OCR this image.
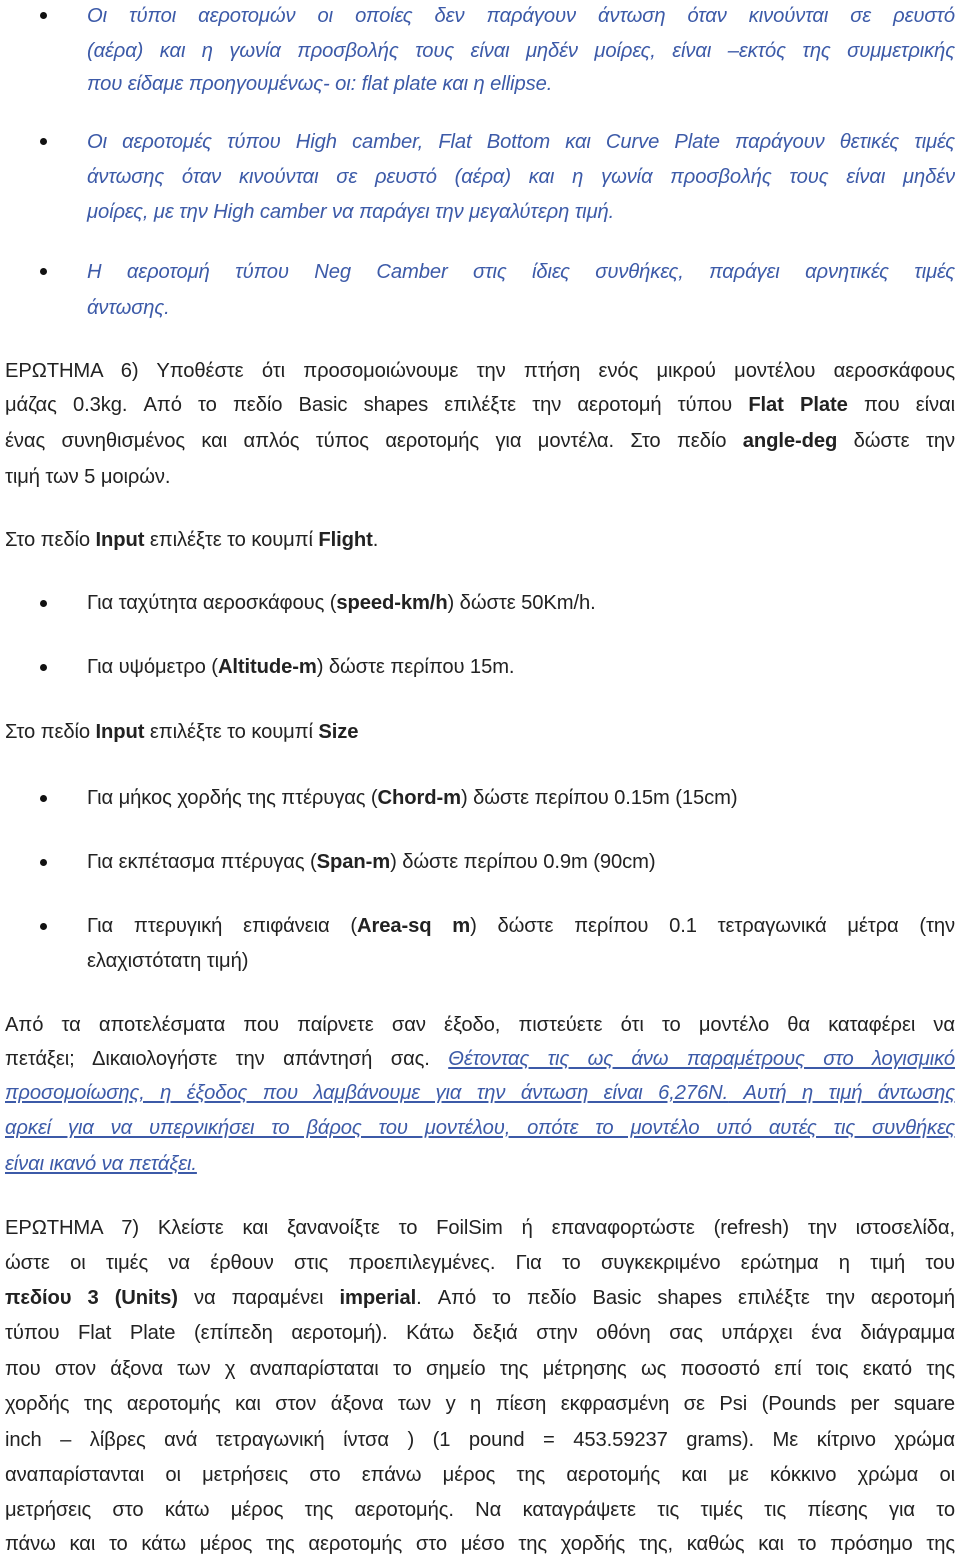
Οι τύποι αεροτομών οι οποίες δεν παράγουν άντωση όταν κινούνται σε ρευστό
(αέρα) και η γωνία προσβολής τους είναι μηδέν μοίρες, είναι –εκτός της συμμετρικής
που είδαμε προηγουμένως- οι: flat plate και η ellipse.
Οι αεροτομές τύπου High camber, Flat Bottom και Curve Plate παράγουν θετικές τιμές
άντωσης όταν κινούνται σε ρευστό (αέρα) και η γωνία προσβολής τους είναι μηδέν
μοίρες, με την High camber να παράγει την μεγαλύτερη τιμή.
Η αεροτομή τύπου Neg Camber στις ίδιες συνθήκες, παράγει αρνητικές τιμές
άντωσης.
ΕΡΩΤΗΜΑ 6) Υποθέστε ότι προσομοιώνουμε την πτήση ενός μικρού μοντέλου αεροσκάφους
μάζας 0.3kg. Από το πεδίο Basic shapes επιλέξτε την αεροτομή τύπου Flat Plate που είναι
ένας συνηθισμένος και απλός τύπος αεροτομής για μοντέλα. Στο πεδίο angle-deg δώστε την
τιμή των 5 μοιρών.
Στο πεδίο Input επιλέξτε το κουμπί Flight.
Για ταχύτητα αεροσκάφους (speed-km/h) δώστε 50Km/h.
Για υψόμετρο (Altitude-m) δώστε περίπου 15m.
Στο πεδίο Input επιλέξτε το κουμπί Size
Για μήκος χορδής της πτέρυγας (Chord-m) δώστε περίπου 0.15m (15cm)
Για εκπέτασμα πτέρυγας (Span-m) δώστε περίπου 0.9m (90cm)
Για πτερυγική επιφάνεια (Area-sq m) δώστε περίπου 0.1 τετραγωνικά μέτρα (την
ελαχιστότατη τιμή)
Από τα αποτελέσματα που παίρνετε σαν έξοδο, πιστεύετε ότι το μοντέλο θα καταφέρει να
πετάξει; Δικαιολογήστε την απάντησή σας. Θέτοντας τις ως άνω παραμέτρους στο λογισμικό
προσομοίωσης, η έξοδος που λαμβάνουμε για την άντωση είναι 6,276N. Αυτή η τιμή άντωσης
αρκεί για να υπερνικήσει το βάρος του μοντέλου, οπότε το μοντέλο υπό αυτές τις συνθήκες
είναι ικανό να πετάξει.
ΕΡΩΤΗΜΑ 7) Κλείστε και ξανανοίξτε το FoilSim ή επαναφορτώστε (refresh) την ιστοσελίδα,
ώστε οι τιμές να έρθουν στις προεπιλεγμένες. Για το συγκεκριμένο ερώτημα η τιμή του
πεδίου 3 (Units) να παραμένει imperial. Από το πεδίο Basic shapes επιλέξτε την αεροτομή
τύπου Flat Plate (επίπεδη αεροτομή). Κάτω δεξιά στην οθόνη σας υπάρχει ένα διάγραμμα
που στον άξονα των χ αναπαρίσταται το σημείο της μέτρησης ως ποσοστό επί τοις εκατό της
χορδής της αεροτομής και στον άξονα των y η πίεση εκφρασμένη σε Psi (Pounds per square
inch – λίβρες ανά τετραγωνική ίντσα ) (1 pound = 453.59237 grams). Με κίτρινο χρώμα
αναπαρίστανται οι μετρήσεις στο επάνω μέρος της αεροτομής και με κόκκινο χρώμα οι
μετρήσεις στο κάτω μέρος της αεροτομής. Να καταγράψετε τις τιμές τις πίεσης για το
πάνω και το κάτω μέρος της αεροτομής στο μέσο της χορδής της, καθώς και το πρόσημο της
